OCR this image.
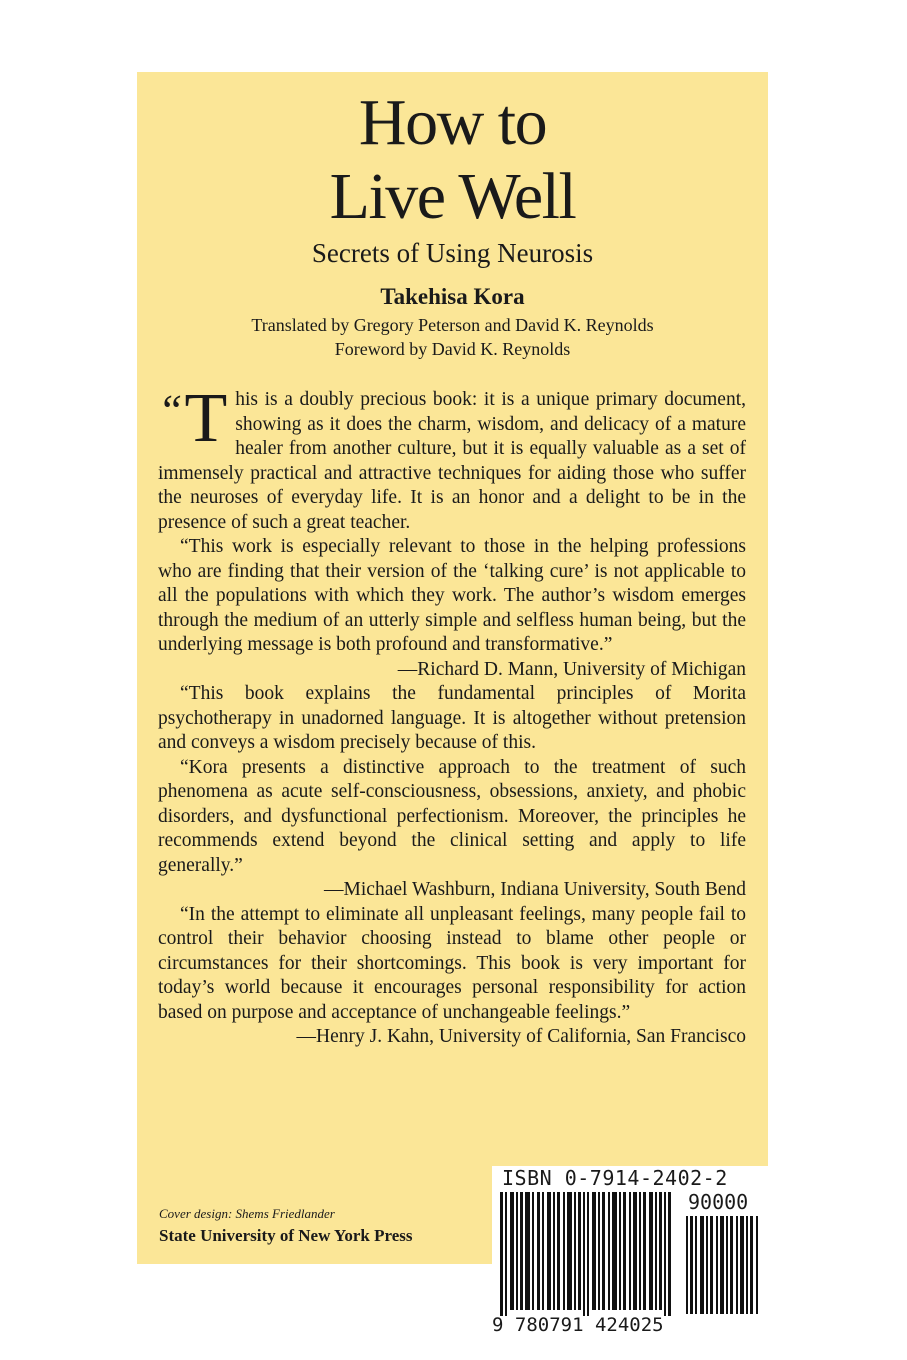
How to
Live Well
Secrets of Using Neurosis
Takehisa Kora
Translated by Gregory Peterson and David K. Reynolds
Foreword by David K. Reynolds

“ T his is a doubly precious book: it is a unique primary document, showing as it does the charm, wisdom, and delicacy of a mature healer from another culture, but it is equally valuable as a set of immensely practical and attractive techniques for aiding those who suffer the neuroses of everyday life. It is an honor and a delight to be in the presence of such a great teacher.

“This work is especially relevant to those in the helping professions who are finding that their version of the ‘talking cure’ is not applicable to all the populations with which they work. The author’s wisdom emerges through the medium of an utterly simple and selfless human being, but the underlying message is both profound and transformative.”

—Richard D. Mann, University of Michigan

“This book explains the fundamental principles of Morita psychotherapy in unadorned language. It is altogether without pretension and conveys a wisdom precisely because of this.

“Kora presents a distinctive approach to the treatment of such phenomena as acute self-consciousness, obsessions, anxiety, and phobic disorders, and dysfunctional perfectionism. Moreover, the principles he recommends extend beyond the clinical setting and apply to life generally.”

—Michael Washburn, Indiana University, South Bend

“In the attempt to eliminate all unpleasant feelings, many people fail to control their behavior choosing instead to blame other people or circumstances for their shortcomings. This book is very important for today’s world because it encourages personal responsibility for action based on purpose and acceptance of unchangeable feelings.”

—Henry J. Kahn, University of California, San Francisco

Cover design: Shems Friedlander
State University of New York Press
ISBN 0-7914-2402-2
90000
9 780791 424025
